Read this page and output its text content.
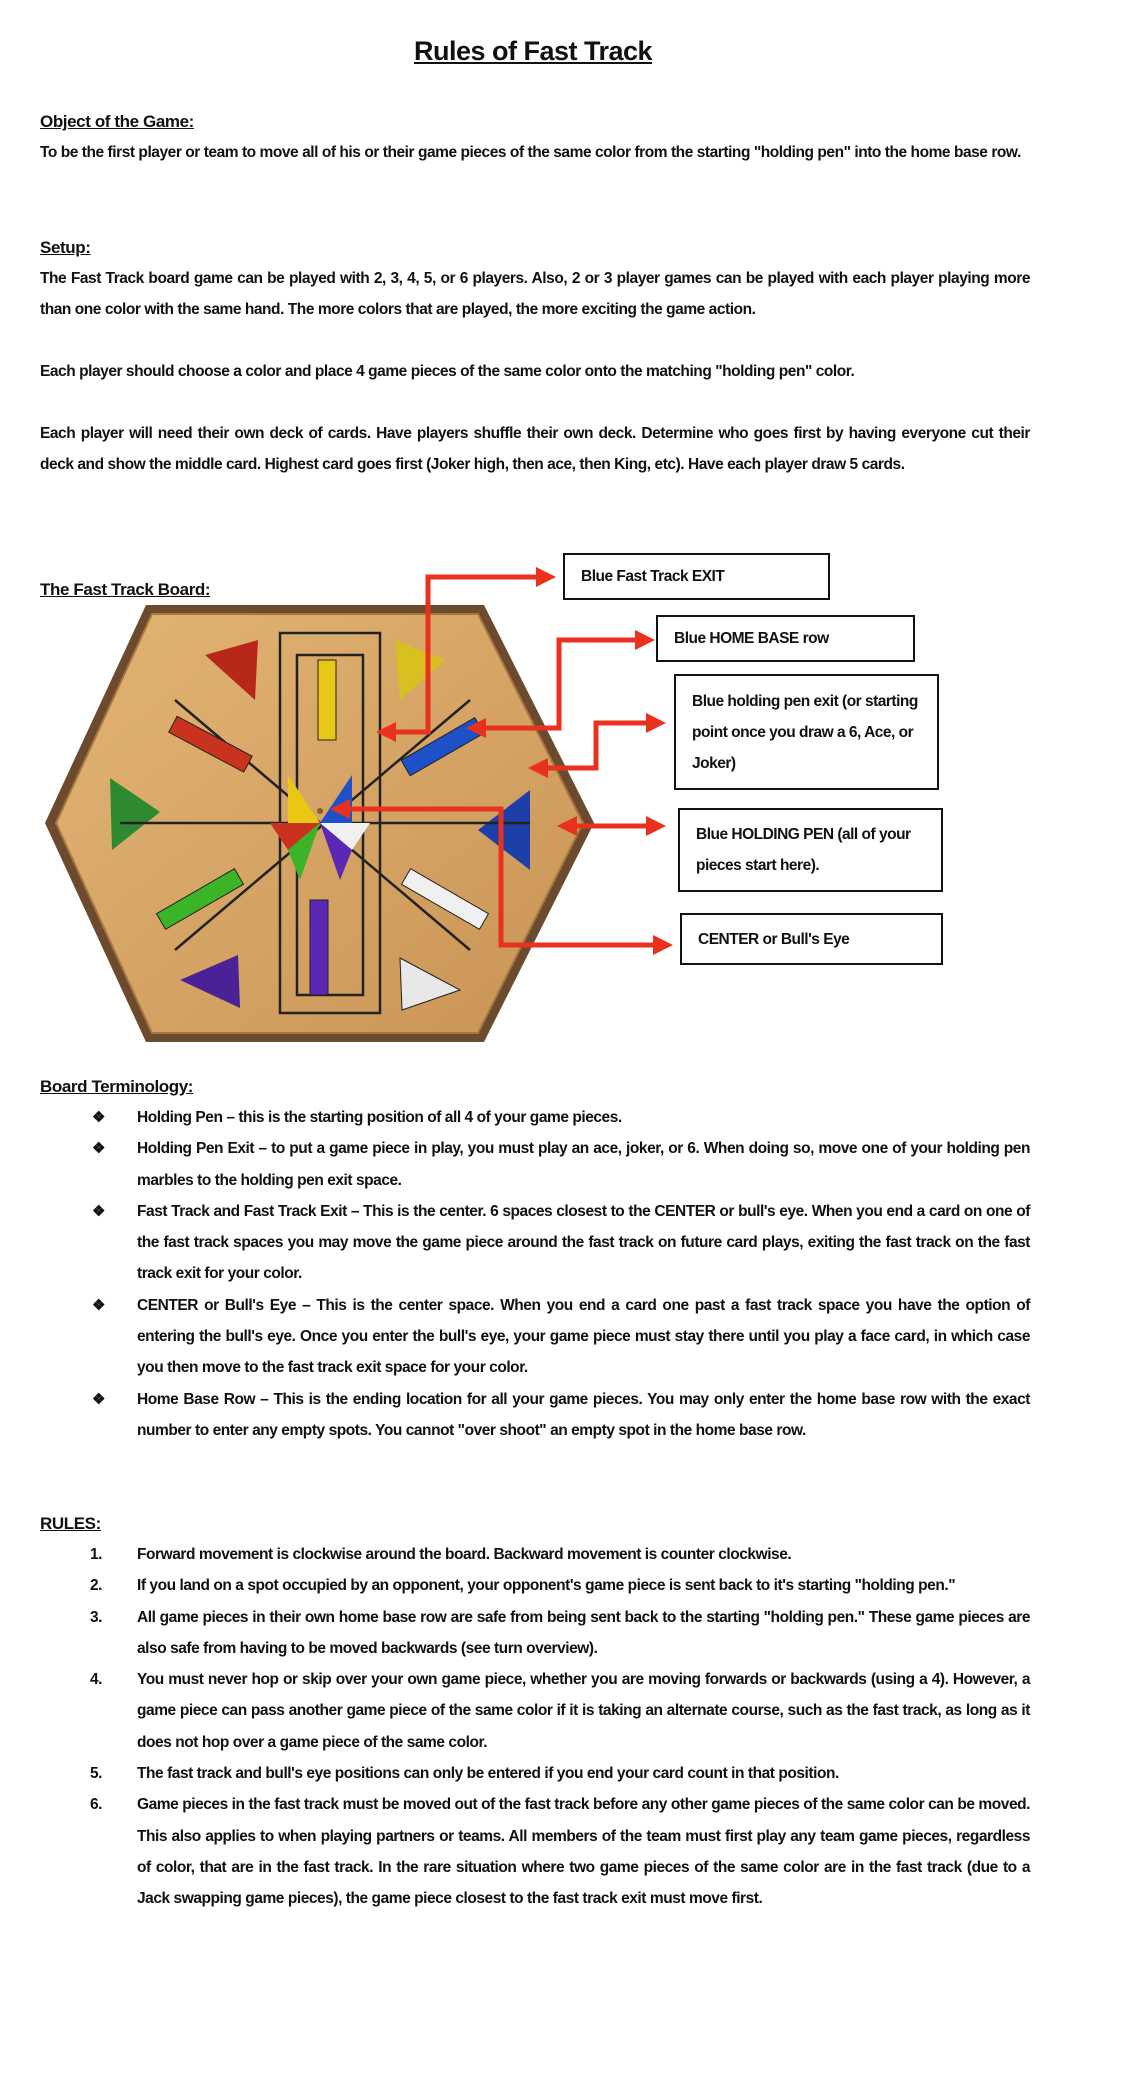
Rules of Fast Track
Object of the Game:

To be the first player or team to move all of his or their game pieces of the same color from the starting "holding pen" into the home base row.

Setup:

The Fast Track board game can be played with 2, 3, 4, 5, or 6 players. Also, 2 or 3 player games can be played with each player playing more than one color with the same hand. The more colors that are played, the more exciting the game action.

Each player should choose a color and place 4 game pieces of the same color onto the matching "holding pen" color.

Each player will need their own deck of cards. Have players shuffle their own deck. Determine who goes first by having everyone cut their deck and show the middle card. Highest card goes first (Joker high, then ace, then King, etc). Have each player draw 5 cards.

The Fast Track Board:
Blue Fast Track EXIT
Blue HOME BASE row
Blue holding pen exit (or starting point once you draw a 6, Ace, or Joker)
Blue HOLDING PEN (all of your pieces start here).
CENTER or Bull's Eye
Board Terminology:
❖ Holding Pen – this is the starting position of all 4 of your game pieces.
❖ Holding Pen Exit – to put a game piece in play, you must play an ace, joker, or 6. When doing so, move one of your holding pen marbles to the holding pen exit space.
❖ Fast Track and Fast Track Exit – This is the center. 6 spaces closest to the CENTER or bull's eye. When you end a card on one of the fast track spaces you may move the game piece around the fast track on future card plays, exiting the fast track on the fast track exit for your color.
❖ CENTER or Bull's Eye – This is the center space. When you end a card one past a fast track space you have the option of entering the bull's eye. Once you enter the bull's eye, your game piece must stay there until you play a face card, in which case you then move to the fast track exit space for your color.
❖ Home Base Row – This is the ending location for all your game pieces. You may only enter the home base row with the exact number to enter any empty spots. You cannot "over shoot" an empty spot in the home base row.
RULES:
1. Forward movement is clockwise around the board. Backward movement is counter clockwise.
2. If you land on a spot occupied by an opponent, your opponent's game piece is sent back to it's starting "holding pen."
3. All game pieces in their own home base row are safe from being sent back to the starting "holding pen." These game pieces are also safe from having to be moved backwards (see turn overview).
4. You must never hop or skip over your own game piece, whether you are moving forwards or backwards (using a 4). However, a game piece can pass another game piece of the same color if it is taking an alternate course, such as the fast track, as long as it does not hop over a game piece of the same color.
5. The fast track and bull's eye positions can only be entered if you end your card count in that position.
6. Game pieces in the fast track must be moved out of the fast track before any other game pieces of the same color can be moved. This also applies to when playing partners or teams. All members of the team must first play any team game pieces, regardless of color, that are in the fast track. In the rare situation where two game pieces of the same color are in the fast track (due to a Jack swapping game pieces), the game piece closest to the fast track exit must move first.
